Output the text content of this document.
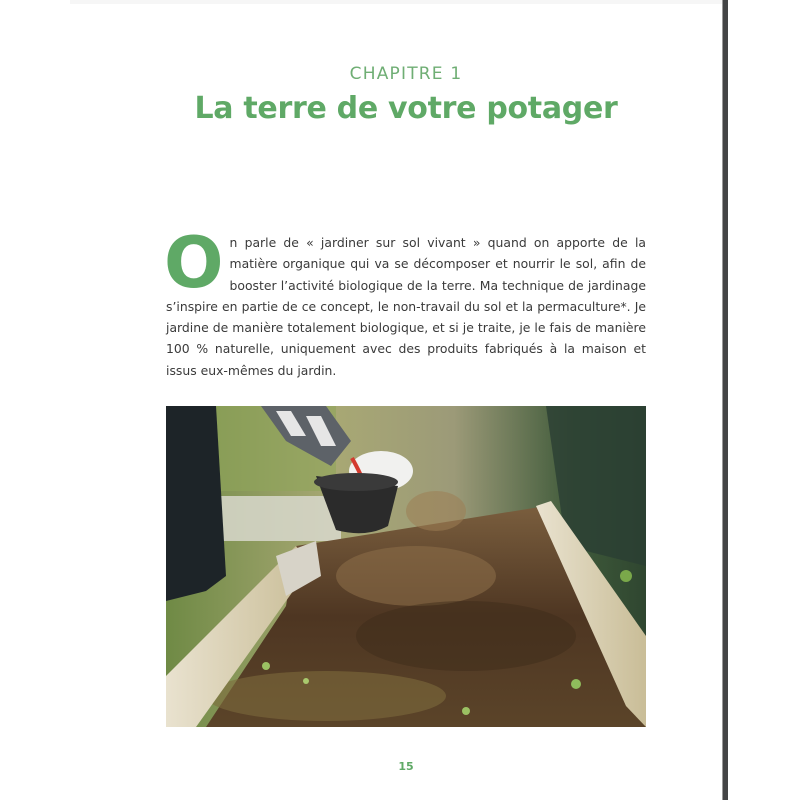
CHAPITRE 1
La terre de votre potager
On parle de « jardiner sur sol vivant » quand on apporte de la matière organique qui va se décomposer et nourrir le sol, afin de booster l’activité biologique de la terre. Ma technique de jardinage s’inspire en partie de ce concept, le non-travail du sol et la permaculture*. Je jardine de manière totalement biologique, et si je traite, je le fais de manière 100 % naturelle, uniquement avec des produits fabriqués à la maison et issus eux-mêmes du jardin.
15
